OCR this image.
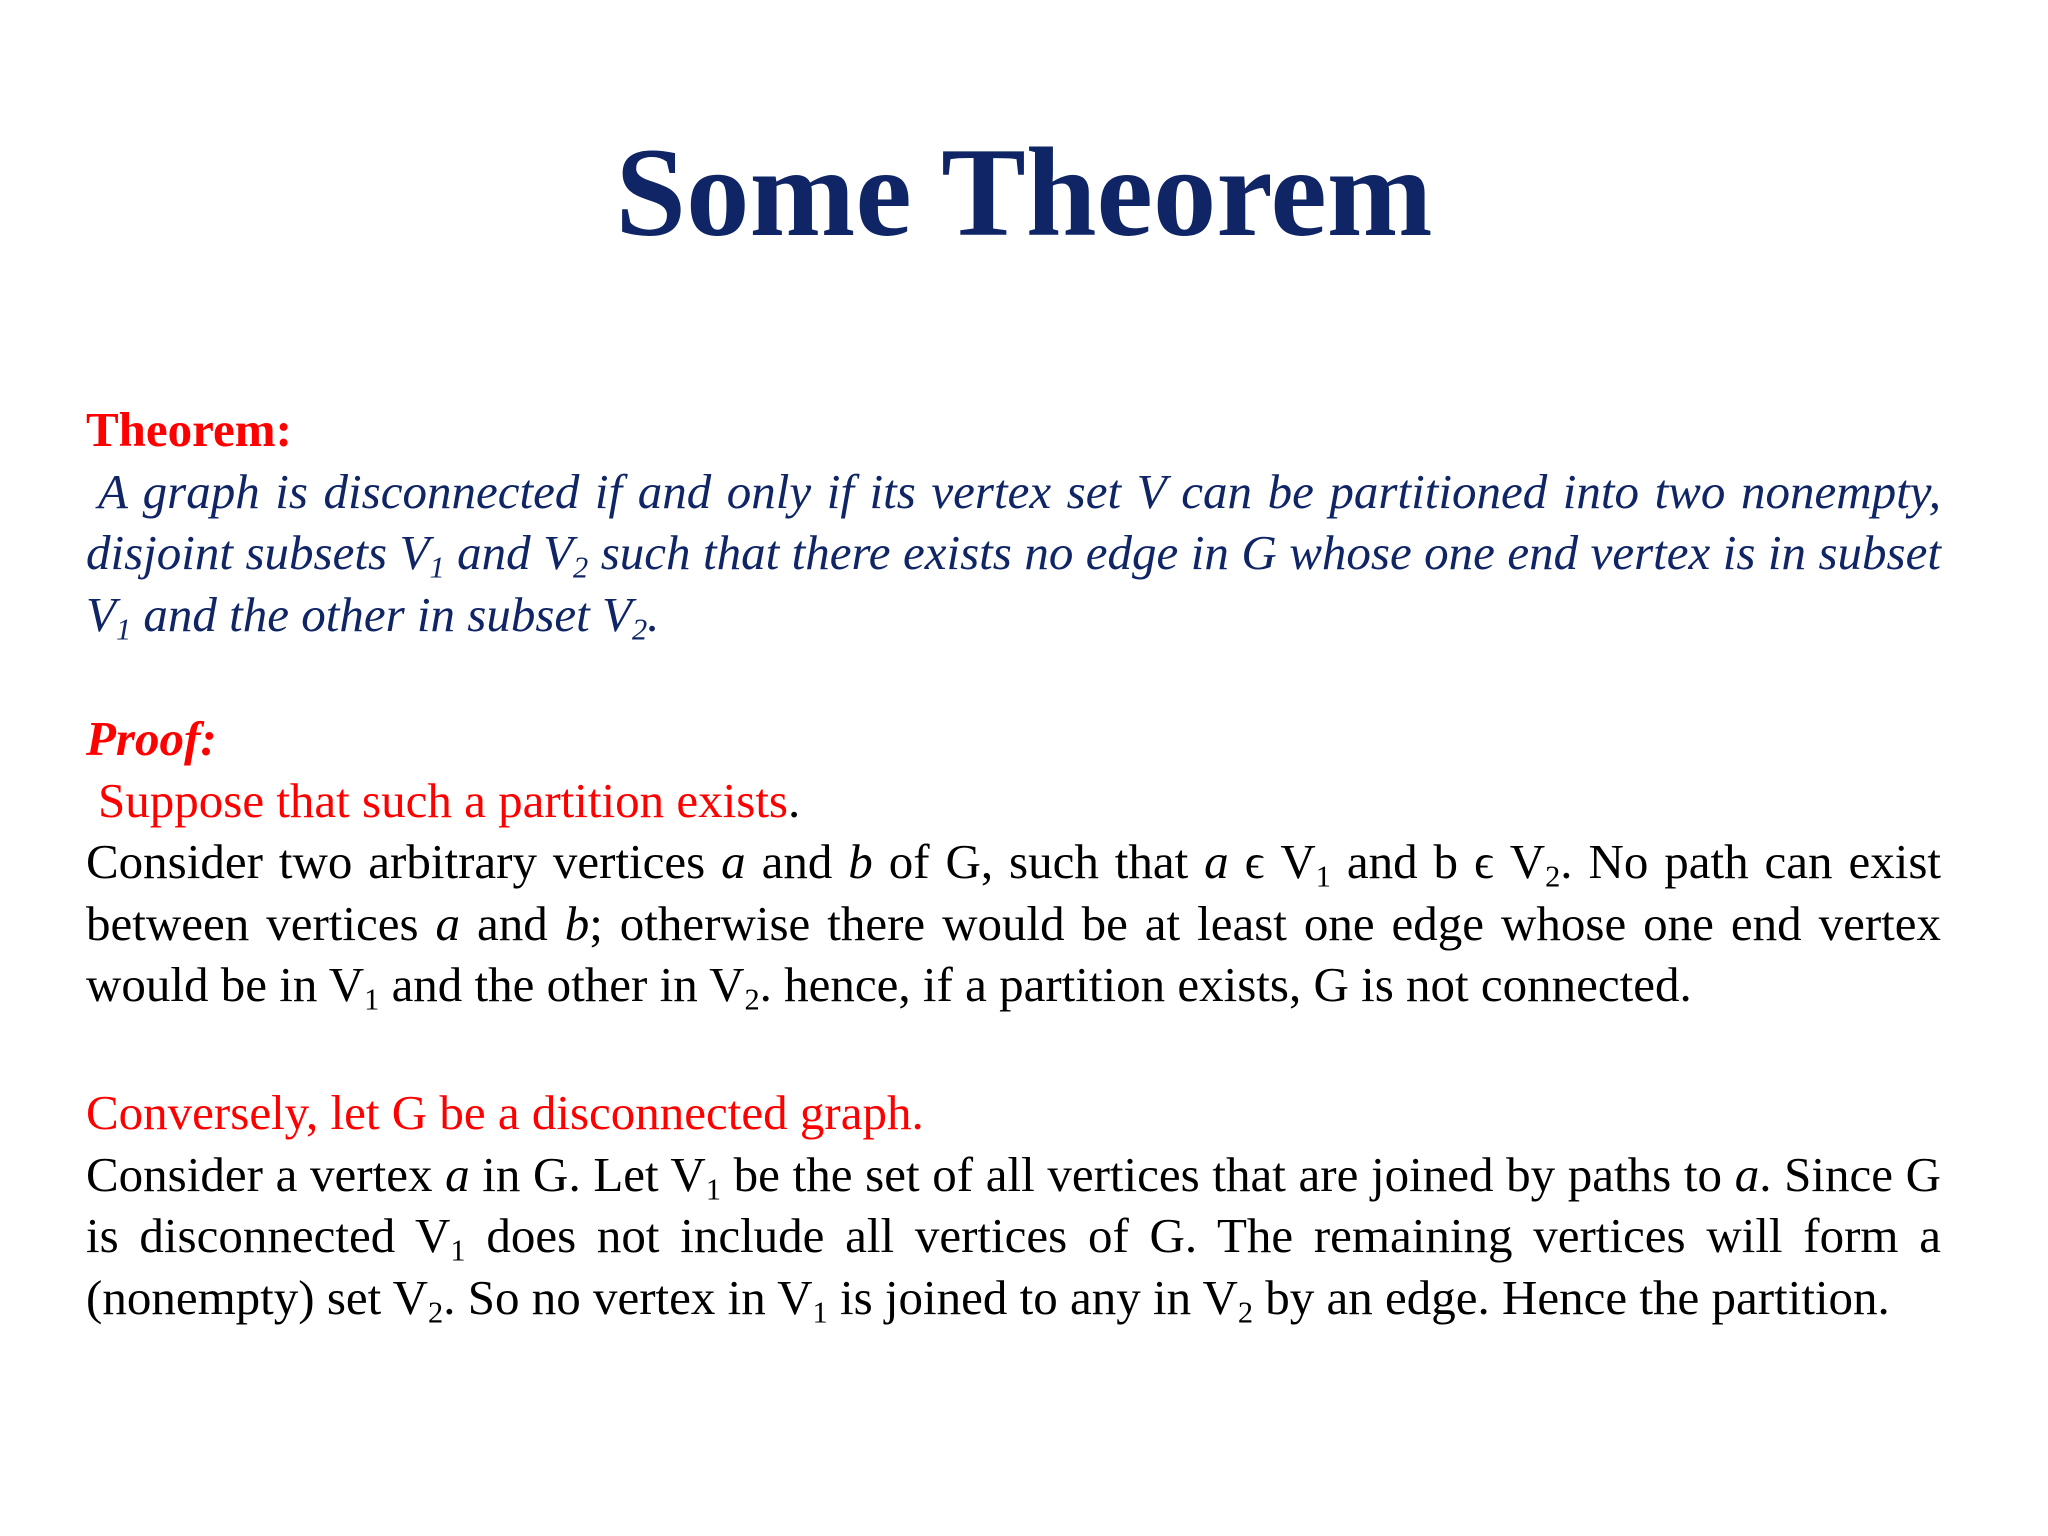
Some Theorem
Theorem:

A graph is disconnected if and only if its vertex set V can be partitioned into two nonempty, disjoint subsets $V_1$ and $V_2$ such that there exists no edge in G whose one end vertex is in subset $V_1$ and the other in subset $V_2$.

Proof:

Suppose that such a partition exists.

Consider two arbitrary vertices a and b of G, such that a ϵ $V_1$ and b ϵ $V_2$. No path can exist between vertices a and b; otherwise there would be at least one edge whose one end vertex would be in $V_1$ and the other in $V_2$. hence, if a partition exists, G is not connected.

Conversely, let G be a disconnected graph.

Consider a vertex a in G. Let $V_1$ be the set of all vertices that are joined by paths to a. Since G is disconnected $V_1$ does not include all vertices of G. The remaining vertices will form a (nonempty) set $V_2$. So no vertex in $V_1$ is joined to any in $V_2$ by an edge. Hence the partition.
